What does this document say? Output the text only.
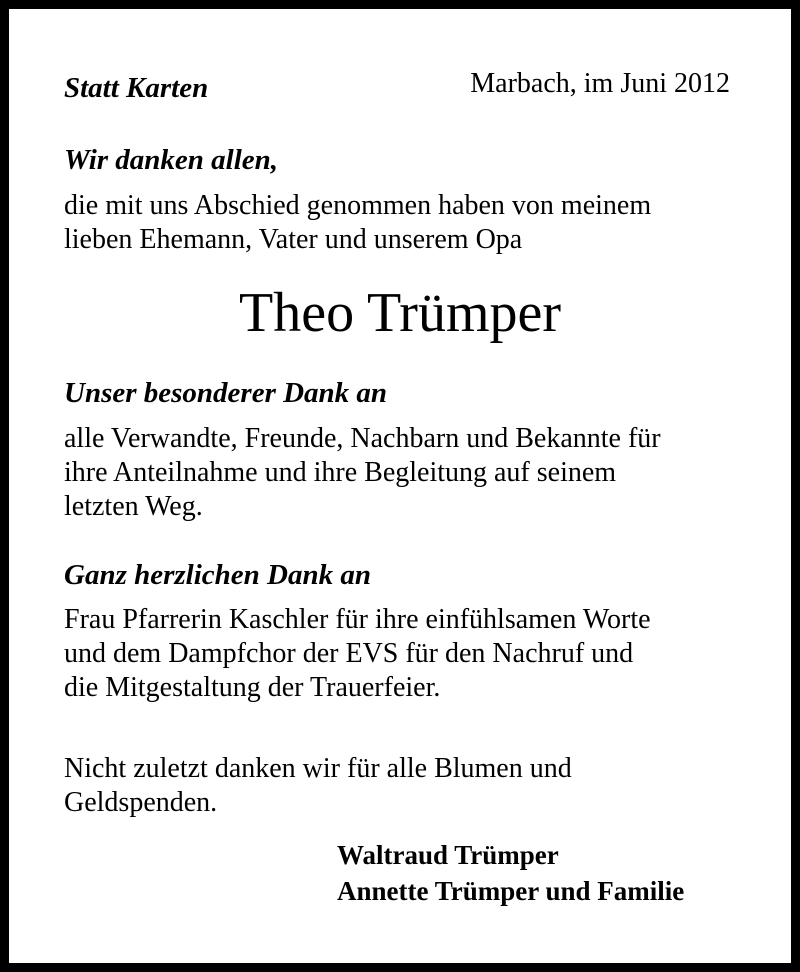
Statt Karten	Marbach, im Juni 2012
Wir danken allen,
die mit uns Abschied genommen haben von meinem
lieben Ehemann, Vater und unserem Opa
Theo Trümper
Unser besonderer Dank an
alle Verwandte, Freunde, Nachbarn und Bekannte für
ihre Anteilnahme und ihre Begleitung auf seinem
letzten Weg.
Ganz herzlichen Dank an
Frau Pfarrerin Kaschler für ihre einfühlsamen Worte
und dem Dampfchor der EVS für den Nachruf und
die Mitgestaltung der Trauerfeier.
Nicht zuletzt danken wir für alle Blumen und
Geldspenden.
Waltraud Trümper
Annette Trümper und Familie
